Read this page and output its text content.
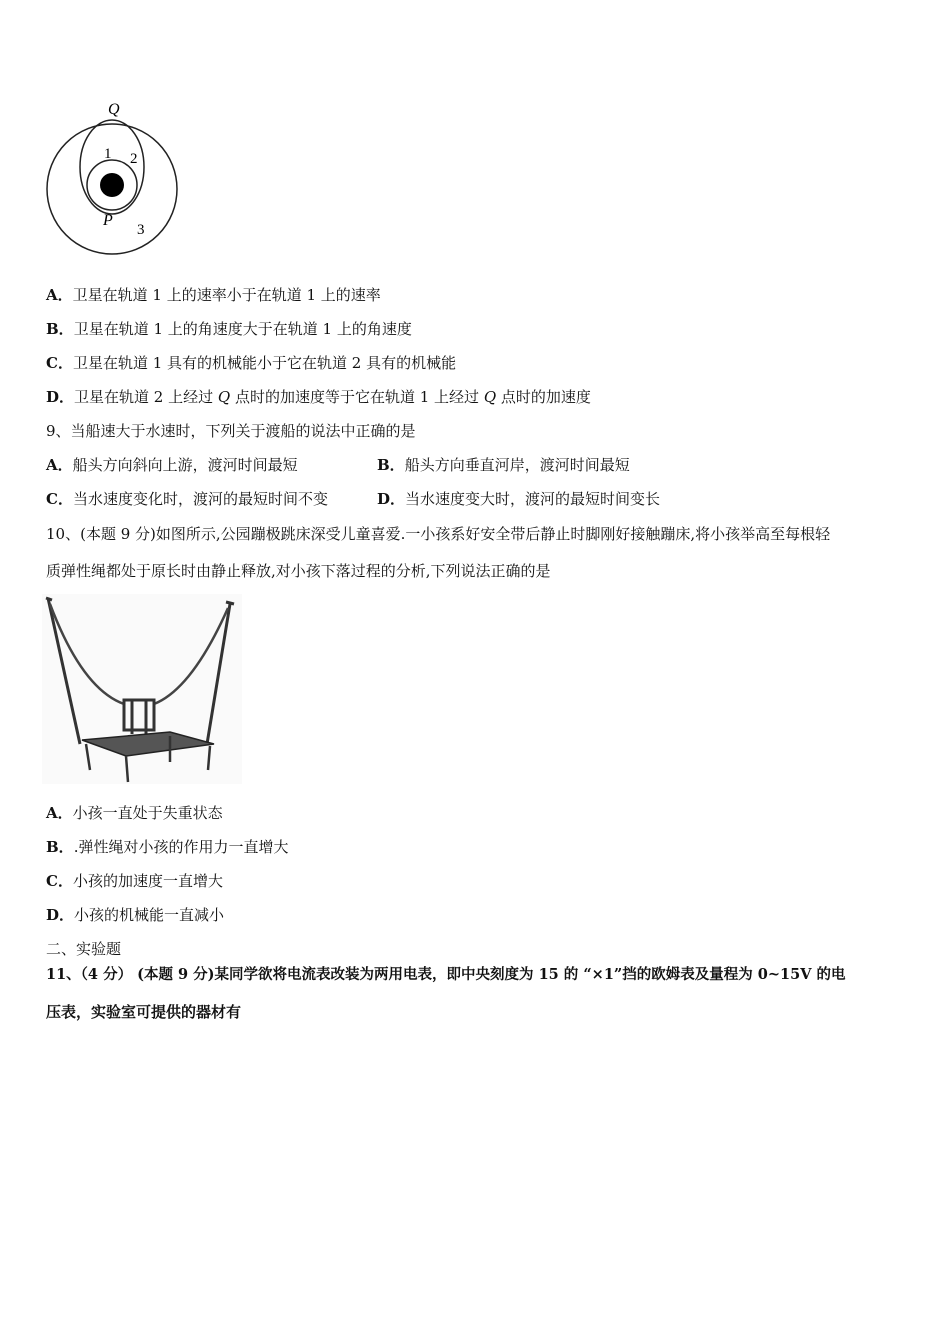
Q
1 2
P
3
A．卫星在轨道 1 上的速率小于在轨道 1 上的速率
B．卫星在轨道 1 上的角速度大于在轨道 1 上的角速度
C．卫星在轨道 1 具有的机械能小于它在轨道 2 具有的机械能
D．卫星在轨道 2 上经过 Q 点时的加速度等于它在轨道 1 上经过 Q 点时的加速度
9、当船速大于水速时，下列关于渡船的说法中正确的是
A．船头方向斜向上游，渡河时间最短	B．船头方向垂直河岸，渡河时间最短
C．当水速度变化时，渡河的最短时间不变	D．当水速度变大时，渡河的最短时间变长
10、(本题 9 分)如图所示,公园蹦极跳床深受儿童喜爱.一小孩系好安全带后静止时脚刚好接触蹦床,将小孩举高至每根轻
质弹性绳都处于原长时由静止释放,对小孩下落过程的分析,下列说法正确的是
A．小孩一直处于失重状态
B．.弹性绳对小孩的作用力一直增大
C．小孩的加速度一直增大
D．小孩的机械能一直减小
二、实验题
11、（4 分） (本题 9 分)某同学欲将电流表改装为两用电表，即中央刻度为 15 的 “×1”挡的欧姆表及量程为 0~15V 的电
压表，实验室可提供的器材有
